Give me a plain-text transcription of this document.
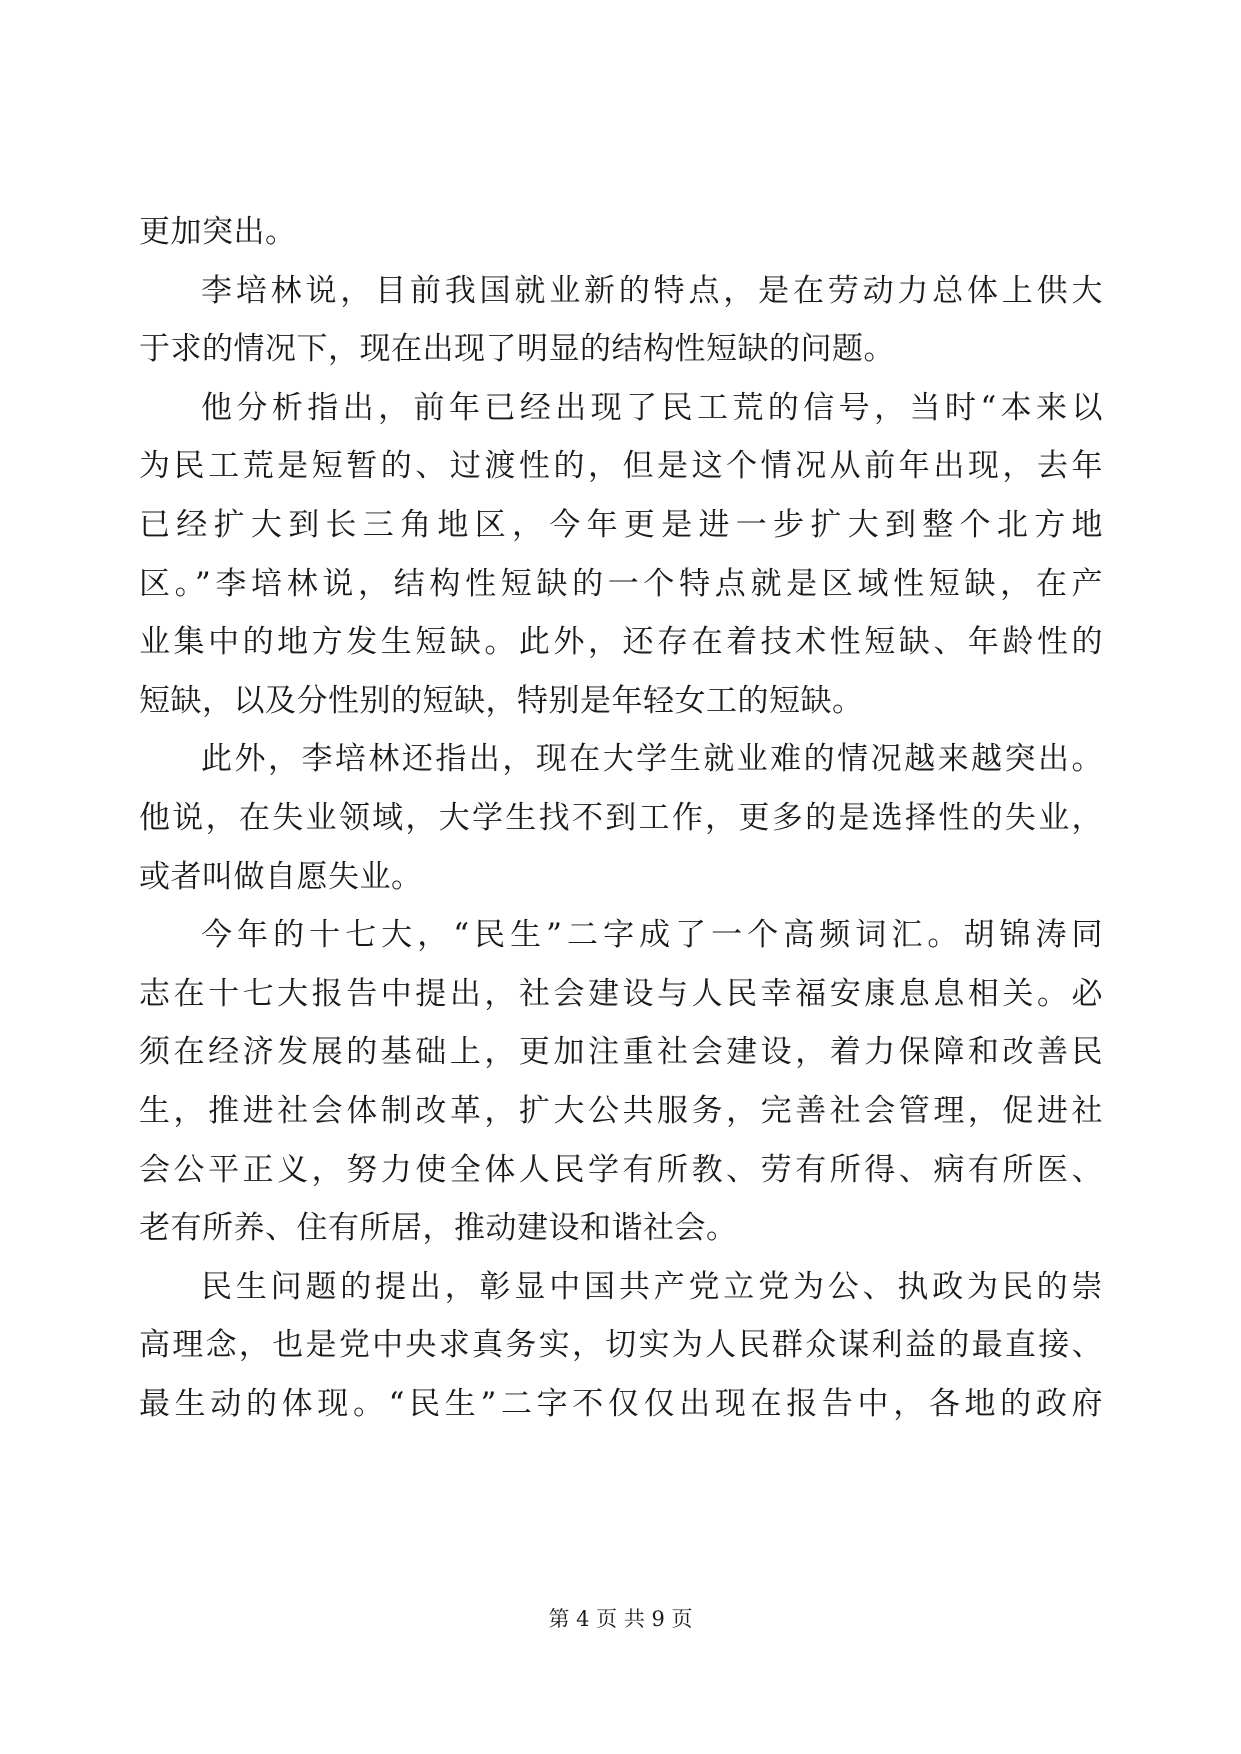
更加突出。
李培林说，目前我国就业新的特点，是在劳动力总体上供大
于求的情况下，现在出现了明显的结构性短缺的问题。
他分析指出，前年已经出现了民工荒的信号，当时“本来以
为民工荒是短暂的、过渡性的，但是这个情况从前年出现，去年
已经扩大到长三角地区，今年更是进一步扩大到整个北方地
区。”李培林说，结构性短缺的一个特点就是区域性短缺，在产
业集中的地方发生短缺。此外，还存在着技术性短缺、年龄性的
短缺，以及分性别的短缺，特别是年轻女工的短缺。
此外，李培林还指出，现在大学生就业难的情况越来越突出。
他说，在失业领域，大学生找不到工作，更多的是选择性的失业，
或者叫做自愿失业。
今年的十七大，“民生”二字成了一个高频词汇。胡锦涛同
志在十七大报告中提出，社会建设与人民幸福安康息息相关。必
须在经济发展的基础上，更加注重社会建设，着力保障和改善民
生，推进社会体制改革，扩大公共服务，完善社会管理，促进社
会公平正义，努力使全体人民学有所教、劳有所得、病有所医、
老有所养、住有所居，推动建设和谐社会。
民生问题的提出，彰显中国共产党立党为公、执政为民的崇
高理念，也是党中央求真务实，切实为人民群众谋利益的最直接、
最生动的体现。“民生”二字不仅仅出现在报告中，各地的政府
第 4 页 共 9 页
